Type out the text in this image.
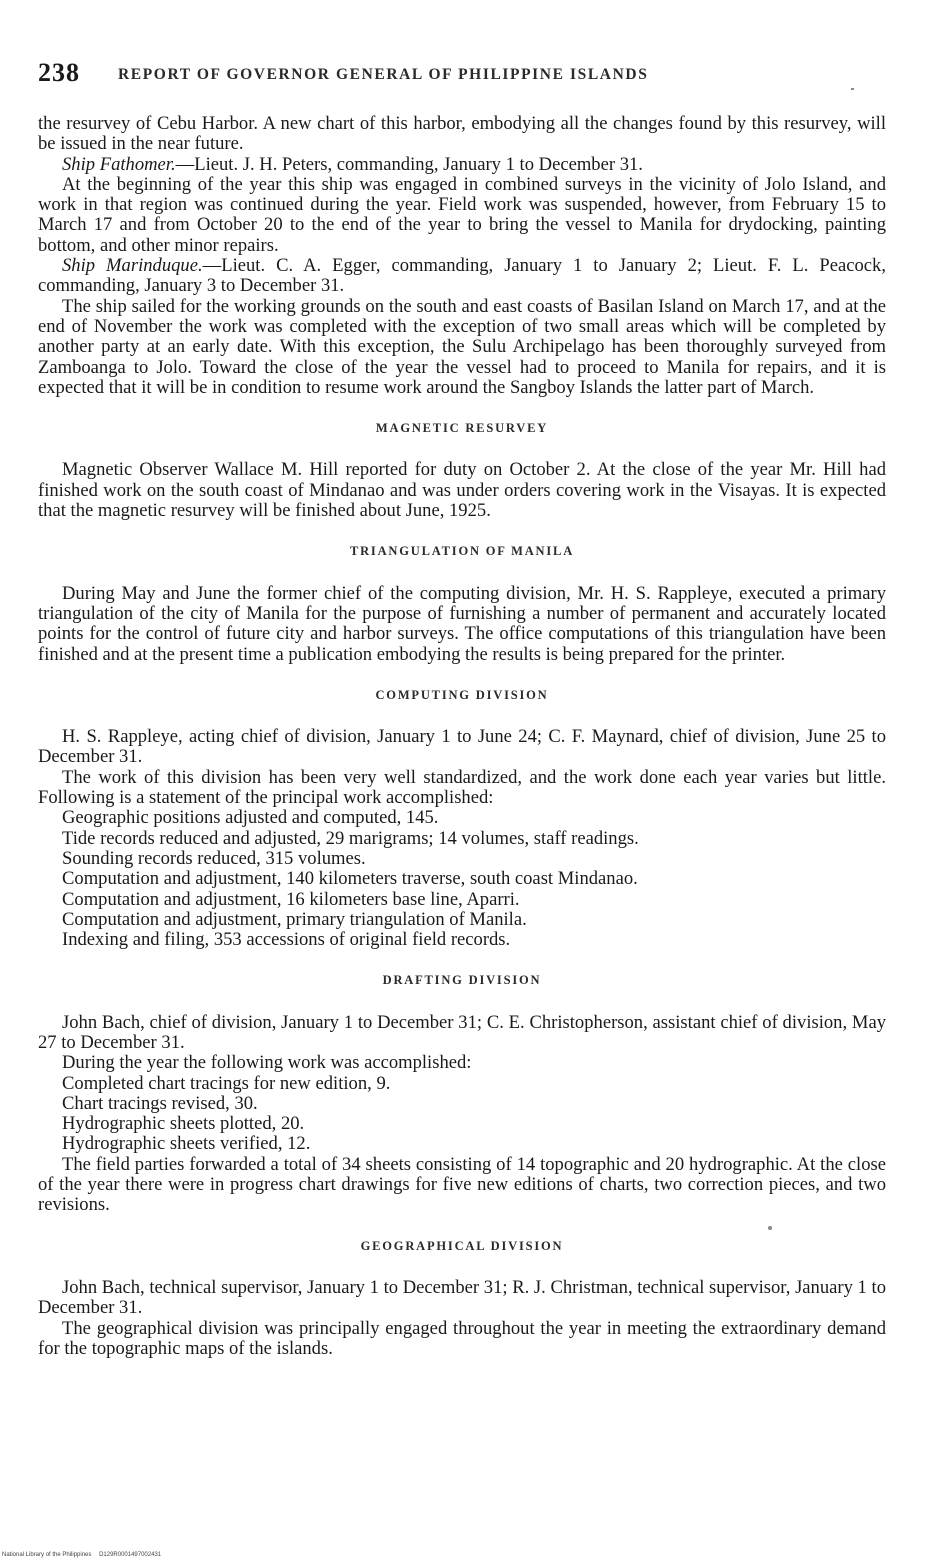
238 REPORT OF GOVERNOR GENERAL OF PHILIPPINE ISLANDS

the resurvey of Cebu Harbor. A new chart of this harbor, embodying all the changes found by this resurvey, will be issued in the near future.

Ship Fathomer.—Lieut. J. H. Peters, commanding, January 1 to December 31.

At the beginning of the year this ship was engaged in combined surveys in the vicinity of Jolo Island, and work in that region was continued during the year. Field work was suspended, however, from February 15 to March 17 and from October 20 to the end of the year to bring the vessel to Manila for drydocking, painting bottom, and other minor repairs.

Ship Marinduque.—Lieut. C. A. Egger, commanding, January 1 to January 2; Lieut. F. L. Peacock, commanding, January 3 to December 31.

The ship sailed for the working grounds on the south and east coasts of Basilan Island on March 17, and at the end of November the work was completed with the exception of two small areas which will be completed by another party at an early date. With this exception, the Sulu Archipelago has been thoroughly surveyed from Zamboanga to Jolo. Toward the close of the year the vessel had to proceed to Manila for repairs, and it is expected that it will be in condition to resume work around the Sangboy Islands the latter part of March.

MAGNETIC RESURVEY

Magnetic Observer Wallace M. Hill reported for duty on October 2. At the close of the year Mr. Hill had finished work on the south coast of Mindanao and was under orders covering work in the Visayas. It is expected that the magnetic resurvey will be finished about June, 1925.

TRIANGULATION OF MANILA

During May and June the former chief of the computing division, Mr. H. S. Rappleye, executed a primary triangulation of the city of Manila for the purpose of furnishing a number of permanent and accurately located points for the control of future city and harbor surveys. The office computations of this triangulation have been finished and at the present time a publication embodying the results is being prepared for the printer.

COMPUTING DIVISION

H. S. Rappleye, acting chief of division, January 1 to June 24; C. F. Maynard, chief of division, June 25 to December 31.

The work of this division has been very well standardized, and the work done each year varies but little. Following is a statement of the principal work accomplished:

Geographic positions adjusted and computed, 145.

Tide records reduced and adjusted, 29 marigrams; 14 volumes, staff readings.

Sounding records reduced, 315 volumes.

Computation and adjustment, 140 kilometers traverse, south coast Mindanao.

Computation and adjustment, 16 kilometers base line, Aparri.

Computation and adjustment, primary triangulation of Manila.

Indexing and filing, 353 accessions of original field records.

DRAFTING DIVISION

John Bach, chief of division, January 1 to December 31; C. E. Christopherson, assistant chief of division, May 27 to December 31.

During the year the following work was accomplished:

Completed chart tracings for new edition, 9.

Chart tracings revised, 30.

Hydrographic sheets plotted, 20.

Hydrographic sheets verified, 12.

The field parties forwarded a total of 34 sheets consisting of 14 topographic and 20 hydrographic. At the close of the year there were in progress chart drawings for five new editions of charts, two correction pieces, and two revisions.

GEOGRAPHICAL DIVISION

John Bach, technical supervisor, January 1 to December 31; R. J. Christman, technical supervisor, January 1 to December 31.

The geographical division was principally engaged throughout the year in meeting the extraordinary demand for the topographic maps of the islands.

National Library of the Philippines D129R0001497002431
